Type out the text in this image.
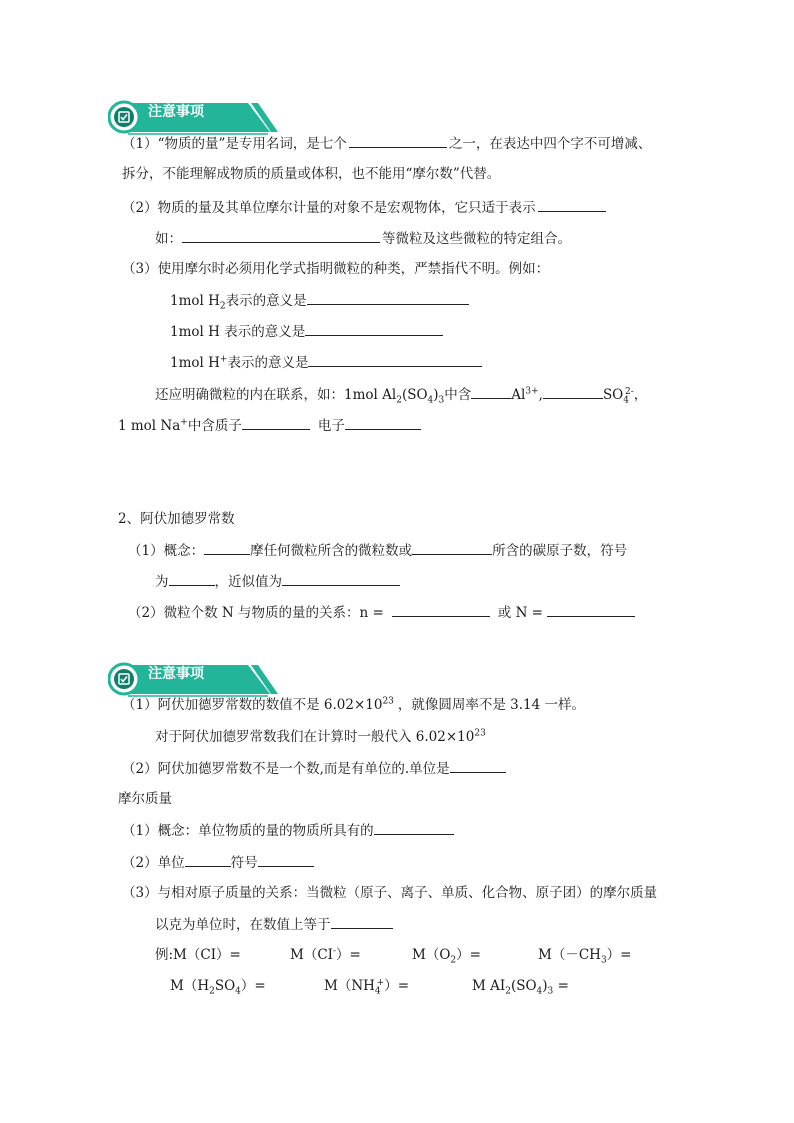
注意事项
（1）“物质的量”是专用名词，是七个	之一，在表达中四个字不可增减、
拆分，不能理解成物质的质量或体积，也不能用“摩尔数”代替。
（2）物质的量及其单位摩尔计量的对象不是宏观物体，它只适于表示
如：	等微粒及这些微粒的特定组合。
（3）使用摩尔时必须用化学式指明微粒的种类，严禁指代不明。例如：
1mol $H_2$表示的意义是
1mol H 表示的意义是
1mol H+表示的意义是
还应明确微粒的内在联系，如：1mol $Al_2(SO_4)_3$中含	$Al^{3+}$,	$SO_4^{2-}$，
1 mol Na+中含质子	电子
2、阿伏加德罗常数
（1）概念：	摩任何微粒所含的微粒数或	所含的碳原子数，符号
为	，近似值为
（2）微粒个数 N 与物质的量的关系：n =	或 N =
注意事项
（1）阿伏加德罗常数的数值不是 $6.02\times 10^{23}$ ，就像圆周率不是 3.14 一样。
对于阿伏加德罗常数我们在计算时一般代入 $6.02\times 10^{23}$
（2）阿伏加德罗常数不是一个数,而是有单位的.单位是
摩尔质量
（1）概念：单位物质的量的物质所具有的
（2）单位	符号
（3）与相对原子质量的关系：当微粒（原子、离子、单质、化合物、原子团）的摩尔质量
以克为单位时，在数值上等于
例:M（CI）=	M（CI-）=	$M(O_2)=$	$M(-CH_3)=$
$M(H_2SO_4)=$	$M(NH_4^+)=$	M $AI_2(SO_4)_3$ =
